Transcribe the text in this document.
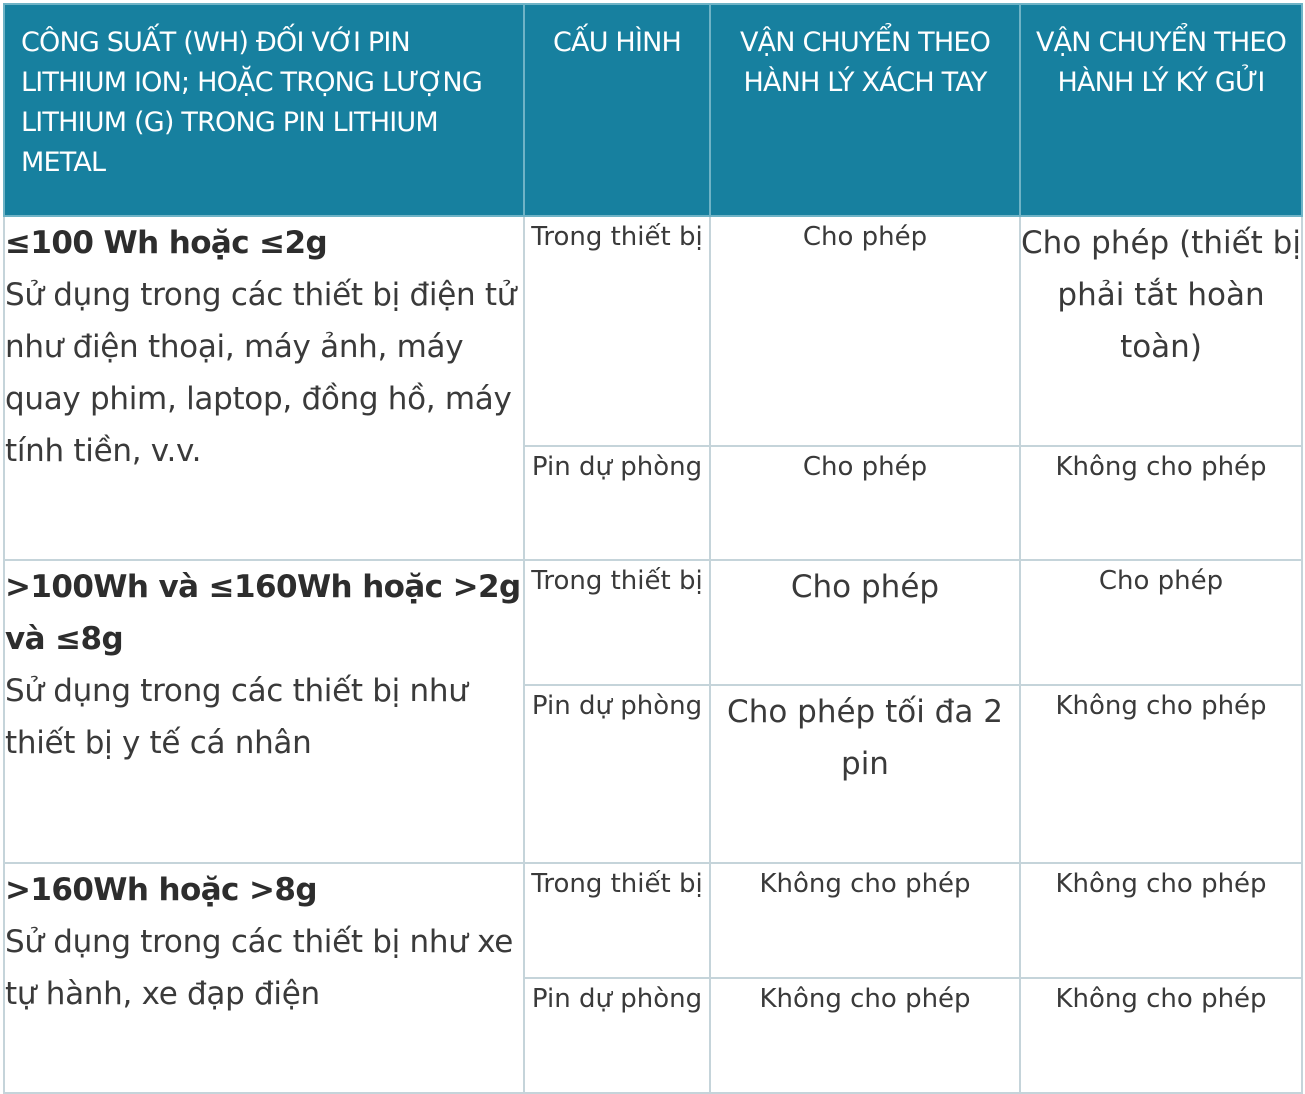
CÔNG SUẤT (WH) ĐỐI VỚI PIN LITHIUM ION; HOẶC TRỌNG LƯỢNG LITHIUM (G) TRONG PIN LITHIUM METAL	CẤU HÌNH	VẬN CHUYỂN THEO HÀNH LÝ XÁCH TAY	VẬN CHUYỂN THEO HÀNH LÝ KÝ GỬI

≤100 Wh hoặc ≤2g
Sử dụng trong các thiết bị điện tử như điện thoại, máy ảnh, máy quay phim, laptop, đồng hồ, máy tính tiền, v.v.	Trong thiết bị	Cho phép	Cho phép (thiết bị phải tắt hoàn toàn)
	Pin dự phòng	Cho phép	Không cho phép

>100Wh và ≤160Wh hoặc >2g và ≤8g
Sử dụng trong các thiết bị như thiết bị y tế cá nhân	Trong thiết bị	Cho phép	Cho phép
	Pin dự phòng	Cho phép tối đa 2 pin	Không cho phép

>160Wh hoặc >8g
Sử dụng trong các thiết bị như xe tự hành, xe đạp điện	Trong thiết bị	Không cho phép	Không cho phép
	Pin dự phòng	Không cho phép	Không cho phép
